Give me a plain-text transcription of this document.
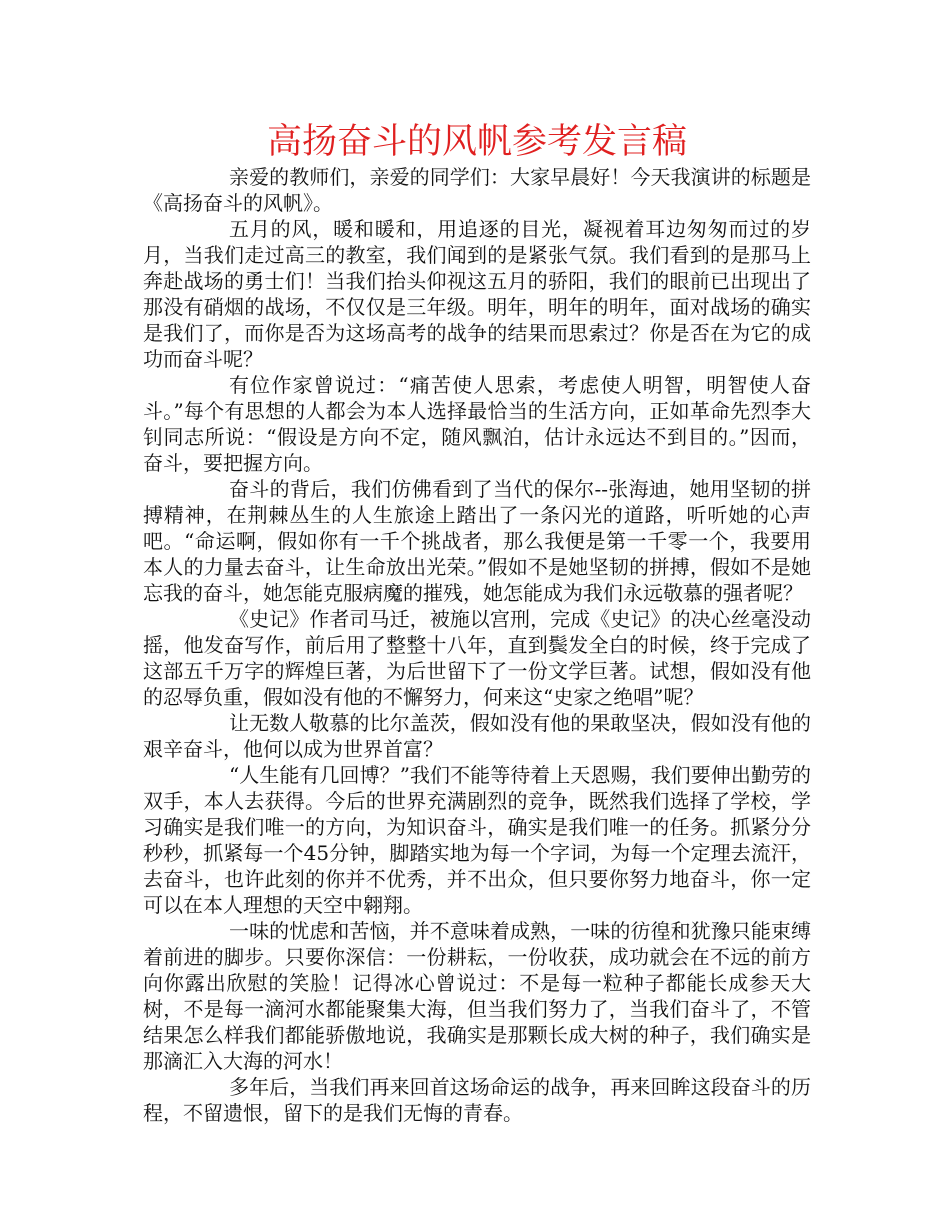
高扬奋斗的风帆参考发言稿

亲爱的教师们，亲爱的同学们：大家早晨好！今天我演讲的标题是《高扬奋斗的风帆》。

五月的风，暖和暖和，用追逐的目光，凝视着耳边匆匆而过的岁月，当我们走过高三的教室，我们闻到的是紧张气氛。我们看到的是那马上奔赴战场的勇士们！当我们抬头仰视这五月的骄阳，我们的眼前已出现出了那没有硝烟的战场，不仅仅是三年级。明年，明年的明年，面对战场的确实是我们了，而你是否为这场高考的战争的结果而思索过？你是否在为它的成功而奋斗呢？

有位作家曾说过：“痛苦使人思索，考虑使人明智，明智使人奋斗。”每个有思想的人都会为本人选择最恰当的生活方向，正如革命先烈李大钊同志所说：“假设是方向不定，随风飘泊，估计永远达不到目的。”因而，奋斗，要把握方向。

奋斗的背后，我们仿佛看到了当代的保尔--张海迪，她用坚韧的拼搏精神，在荆棘丛生的人生旅途上踏出了一条闪光的道路，听听她的心声吧。“命运啊，假如你有一千个挑战者，那么我便是第一千零一个，我要用本人的力量去奋斗，让生命放出光荣。”假如不是她坚韧的拼搏，假如不是她忘我的奋斗，她怎能克服病魔的摧残，她怎能成为我们永远敬慕的强者呢？

《史记》作者司马迁，被施以宫刑，完成《史记》的决心丝毫没动摇，他发奋写作，前后用了整整十八年，直到鬓发全白的时候，终于完成了这部五千万字的辉煌巨著，为后世留下了一份文学巨著。试想，假如没有他的忍辱负重，假如没有他的不懈努力，何来这“史家之绝唱”呢？

让无数人敬慕的比尔盖茨，假如没有他的果敢坚决，假如没有他的艰辛奋斗，他何以成为世界首富？

“人生能有几回博？”我们不能等待着上天恩赐，我们要伸出勤劳的双手，本人去获得。今后的世界充满剧烈的竞争，既然我们选择了学校，学习确实是我们唯一的方向，为知识奋斗，确实是我们唯一的任务。抓紧分分秒秒，抓紧每一个45分钟，脚踏实地为每一个字词，为每一个定理去流汗，去奋斗，也许此刻的你并不优秀，并不出众，但只要你努力地奋斗，你一定可以在本人理想的天空中翱翔。

一味的忧虑和苦恼，并不意味着成熟，一味的彷徨和犹豫只能束缚着前进的脚步。只要你深信：一份耕耘，一份收获，成功就会在不远的前方向你露出欣慰的笑脸！记得冰心曾说过：不是每一粒种子都能长成参天大树，不是每一滴河水都能聚集大海，但当我们努力了，当我们奋斗了，不管结果怎么样我们都能骄傲地说，我确实是那颗长成大树的种子，我们确实是那滴汇入大海的河水！

多年后，当我们再来回首这场命运的战争，再来回眸这段奋斗的历程，不留遗恨，留下的是我们无悔的青春。
